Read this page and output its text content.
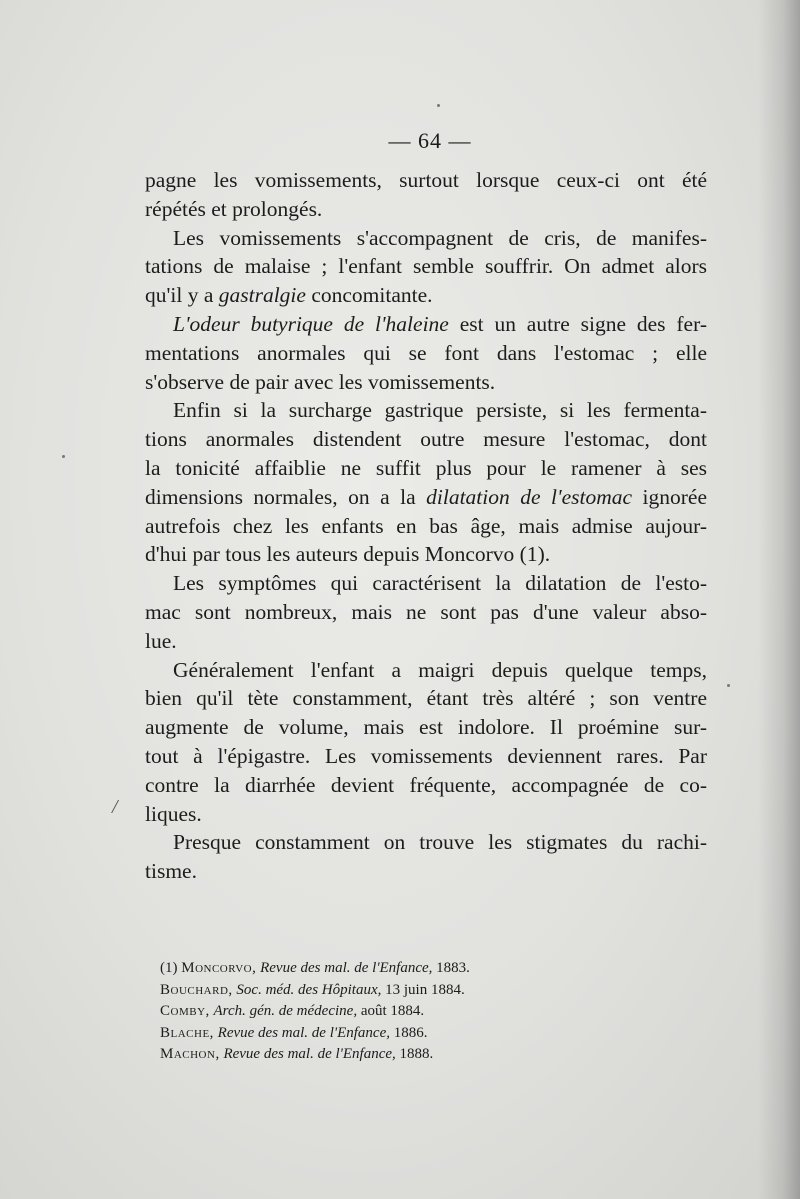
— 64 —
/
pagne les vomissements, surtout lorsque ceux-ci ont été
répétés et prolongés.
Les vomissements s'accompagnent de cris, de manifes-
tations de malaise ; l'enfant semble souffrir. On admet alors
qu'il y a gastralgie concomitante.
L'odeur butyrique de l'haleine est un autre signe des fer-
mentations anormales qui se font dans l'estomac ; elle
s'observe de pair avec les vomissements.
Enfin si la surcharge gastrique persiste, si les fermenta-
tions anormales distendent outre mesure l'estomac, dont
la tonicité affaiblie ne suffit plus pour le ramener à ses
dimensions normales, on a la dilatation de l'estomac ignorée
autrefois chez les enfants en bas âge, mais admise aujour-
d'hui par tous les auteurs depuis Moncorvo (1).
Les symptômes qui caractérisent la dilatation de l'esto-
mac sont nombreux, mais ne sont pas d'une valeur abso-
lue.
Généralement l'enfant a maigri depuis quelque temps,
bien qu'il tète constamment, étant très altéré ; son ventre
augmente de volume, mais est indolore. Il proémine sur-
tout à l'épigastre. Les vomissements deviennent rares. Par
contre la diarrhée devient fréquente, accompagnée de co-
liques.
Presque constamment on trouve les stigmates du rachi-
tisme.
(1) Moncorvo, Revue des mal. de l'Enfance, 1883.
Bouchard, Soc. méd. des Hôpitaux, 13 juin 1884.
Comby, Arch. gén. de médecine, août 1884.
Blache, Revue des mal. de l'Enfance, 1886.
Machon, Revue des mal. de l'Enfance, 1888.
